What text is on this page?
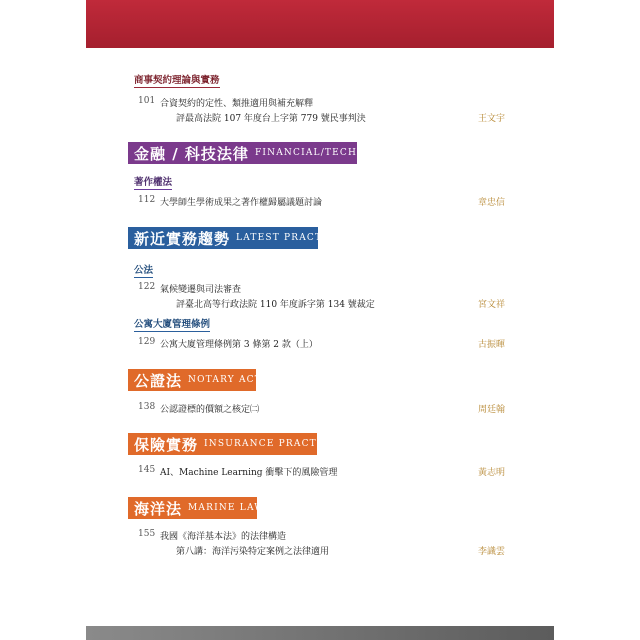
商事契約理論與實務
101 合資契約的定性、類推適用與補充解釋
評最高法院 107 年度台上字第 779 號民事判決	王文宇
金融 / 科技法律 FINANCIAL/TECH LAW
著作權法
112 大學師生學術成果之著作權歸屬議題討論	章忠信
新近實務趨勢 LATEST PRACTICE
公法
122 氣候變遷與司法審查
評臺北高等行政法院 110 年度訴字第 134 號裁定	宮文祥
公寓大廈管理條例
129 公寓大廈管理條例第 3 條第 2 款（上）	古振暉
公證法 NOTARY ACT
138 公認證標的價額之核定㈡	周廷翰
保險實務 INSURANCE PRACTICE
145 AI、Machine Learning 衝擊下的風險管理	黃志明
海洋法 MARINE LAW
155 我國《海洋基本法》的法律構造
第八講：海洋污染特定案例之法律適用	李識雲
